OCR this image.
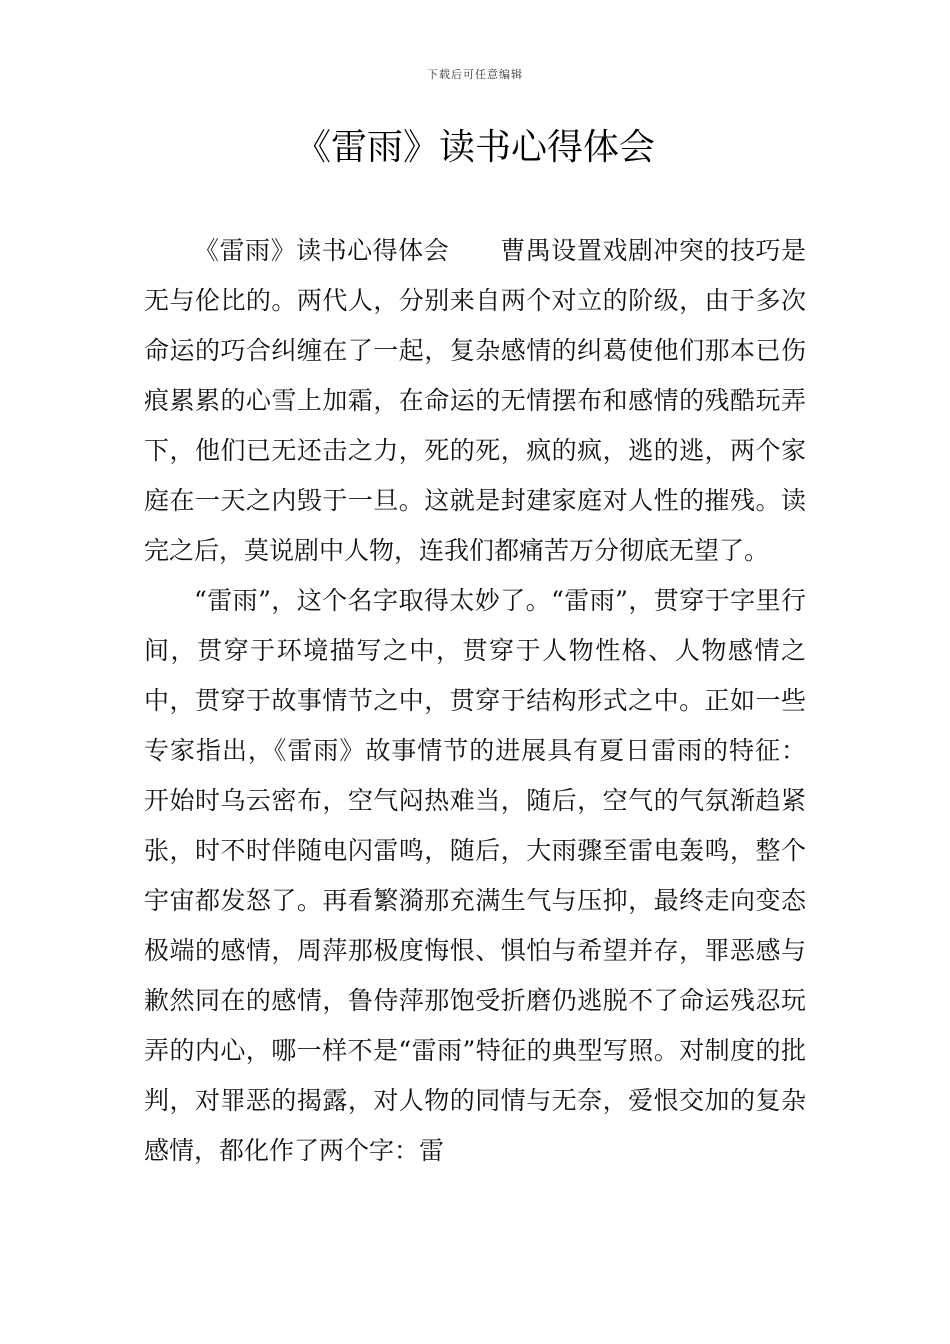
下载后可任意编辑
《雷雨》读书心得体会

《雷雨》读书心得体会　　曹禺设置戏剧冲突的技巧是无与伦比的。两代人，分别来自两个对立的阶级，由于多次命运的巧合纠缠在了一起，复杂感情的纠葛使他们那本已伤痕累累的心雪上加霜，在命运的无情摆布和感情的残酷玩弄下，他们已无还击之力，死的死，疯的疯，逃的逃，两个家庭在一天之内毁于一旦。这就是封建家庭对人性的摧残。读完之后，莫说剧中人物，连我们都痛苦万分彻底无望了。

“雷雨”，这个名字取得太妙了。“雷雨”，贯穿于字里行间，贯穿于环境描写之中，贯穿于人物性格、人物感情之中，贯穿于故事情节之中，贯穿于结构形式之中。正如一些专家指出，《雷雨》故事情节的进展具有夏日雷雨的特征：开始时乌云密布，空气闷热难当，随后，空气的气氛渐趋紧张，时不时伴随电闪雷鸣，随后，大雨骤至雷电轰鸣，整个宇宙都发怒了。再看繁漪那充满生气与压抑，最终走向变态极端的感情，周萍那极度悔恨、惧怕与希望并存，罪恶感与歉然同在的感情，鲁侍萍那饱受折磨仍逃脱不了命运残忍玩弄的内心，哪一样不是“雷雨”特征的典型写照。对制度的批判，对罪恶的揭露，对人物的同情与无奈，爱恨交加的复杂感情，都化作了两个字：雷
